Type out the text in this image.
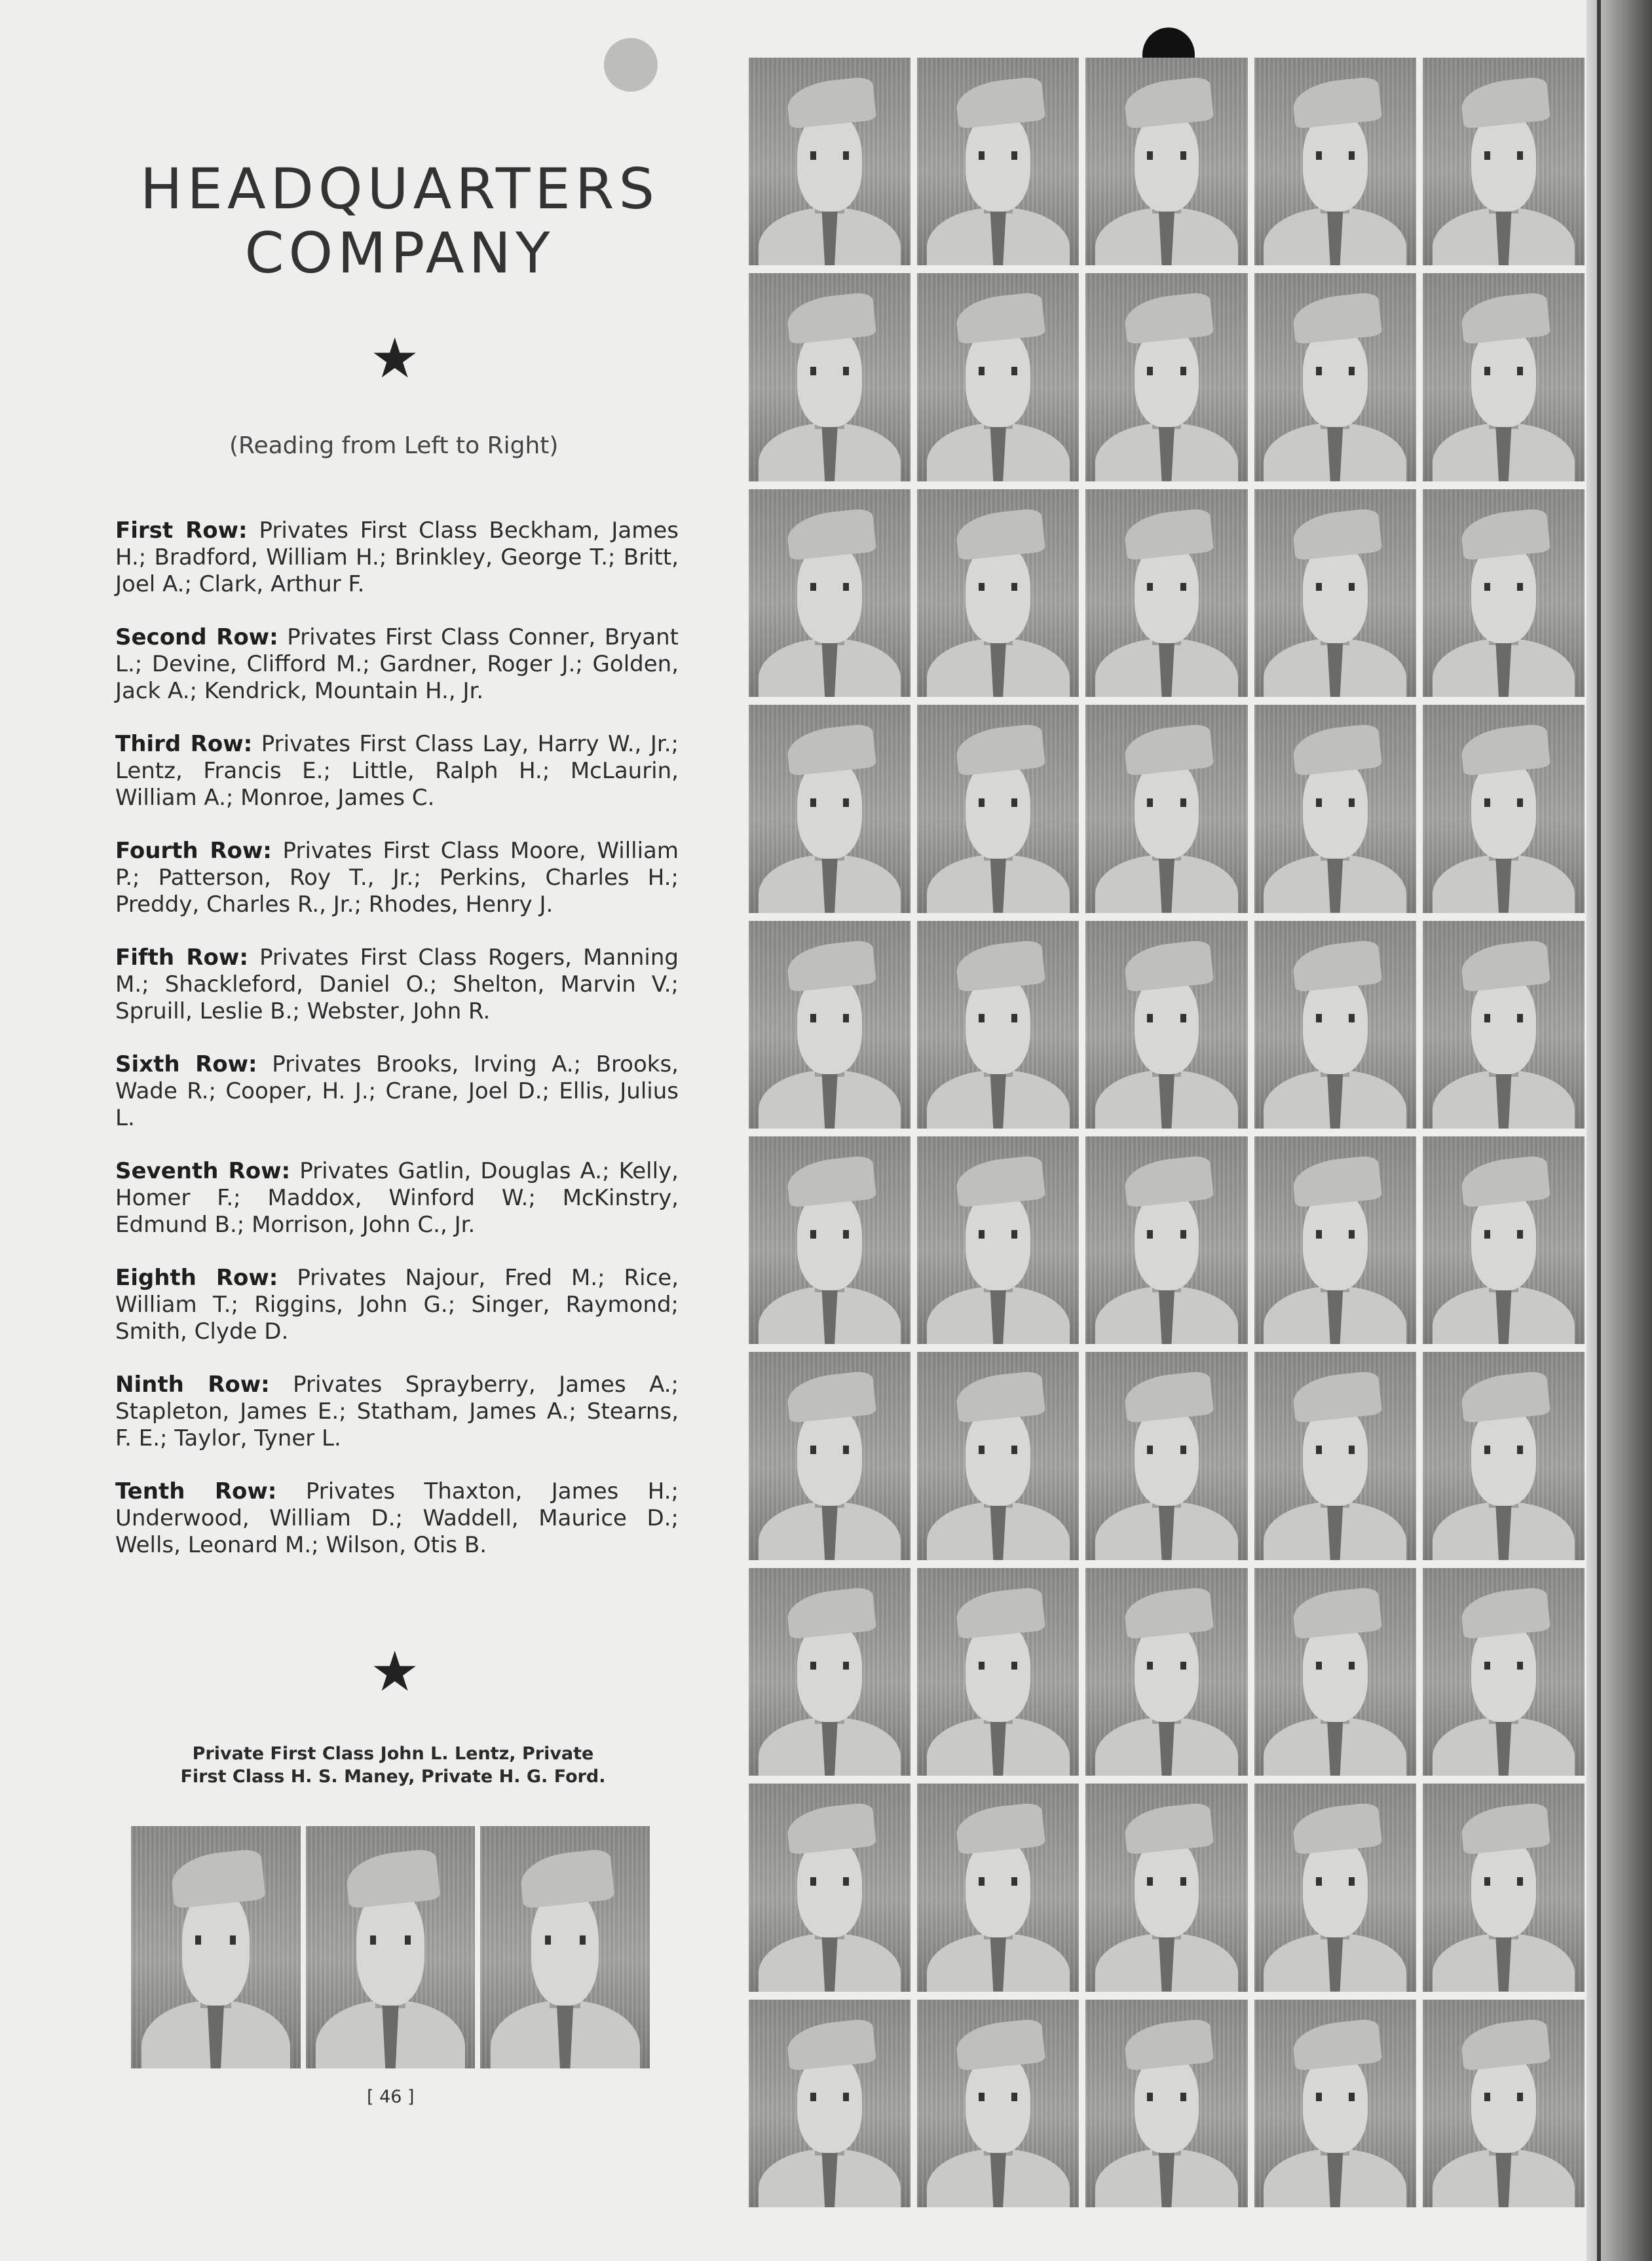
HEADQUARTERS
COMPANY
★
(Reading from Left to Right)

First Row: Privates First Class Beckham, James H.; Bradford, William H.; Brinkley, George T.; Britt, Joel A.; Clark, Arthur F.

Second Row: Privates First Class Conner, Bryant L.; Devine, Clifford M.; Gardner, Roger J.; Golden, Jack A.; Kendrick, Mountain H., Jr.

Third Row: Privates First Class Lay, Harry W., Jr.; Lentz, Francis E.; Little, Ralph H.; McLaurin, William A.; Monroe, James C.

Fourth Row: Privates First Class Moore, William P.; Patterson, Roy T., Jr.; Perkins, Charles H.; Preddy, Charles R., Jr.; Rhodes, Henry J.

Fifth Row: Privates First Class Rogers, Manning M.; Shackleford, Daniel O.; Shelton, Marvin V.; Spruill, Leslie B.; Webster, John R.

Sixth Row: Privates Brooks, Irving A.; Brooks, Wade R.; Cooper, H. J.; Crane, Joel D.; Ellis, Julius L.

Seventh Row: Privates Gatlin, Douglas A.; Kelly, Homer F.; Maddox, Winford W.; McKinstry, Edmund B.; Morrison, John C., Jr.

Eighth Row: Privates Najour, Fred M.; Rice, William T.; Riggins, John G.; Singer, Raymond; Smith, Clyde D.

Ninth Row: Privates Sprayberry, James A.; Stapleton, James E.; Statham, James A.; Stearns, F. E.; Taylor, Tyner L.

Tenth Row: Privates Thaxton, James H.; Underwood, William D.; Waddell, Maurice D.; Wells, Leonard M.; Wilson, Otis B.

★
Private First Class John L. Lentz, Private First Class H. S. Maney, Private H. G. Ford.
[ 46 ]
